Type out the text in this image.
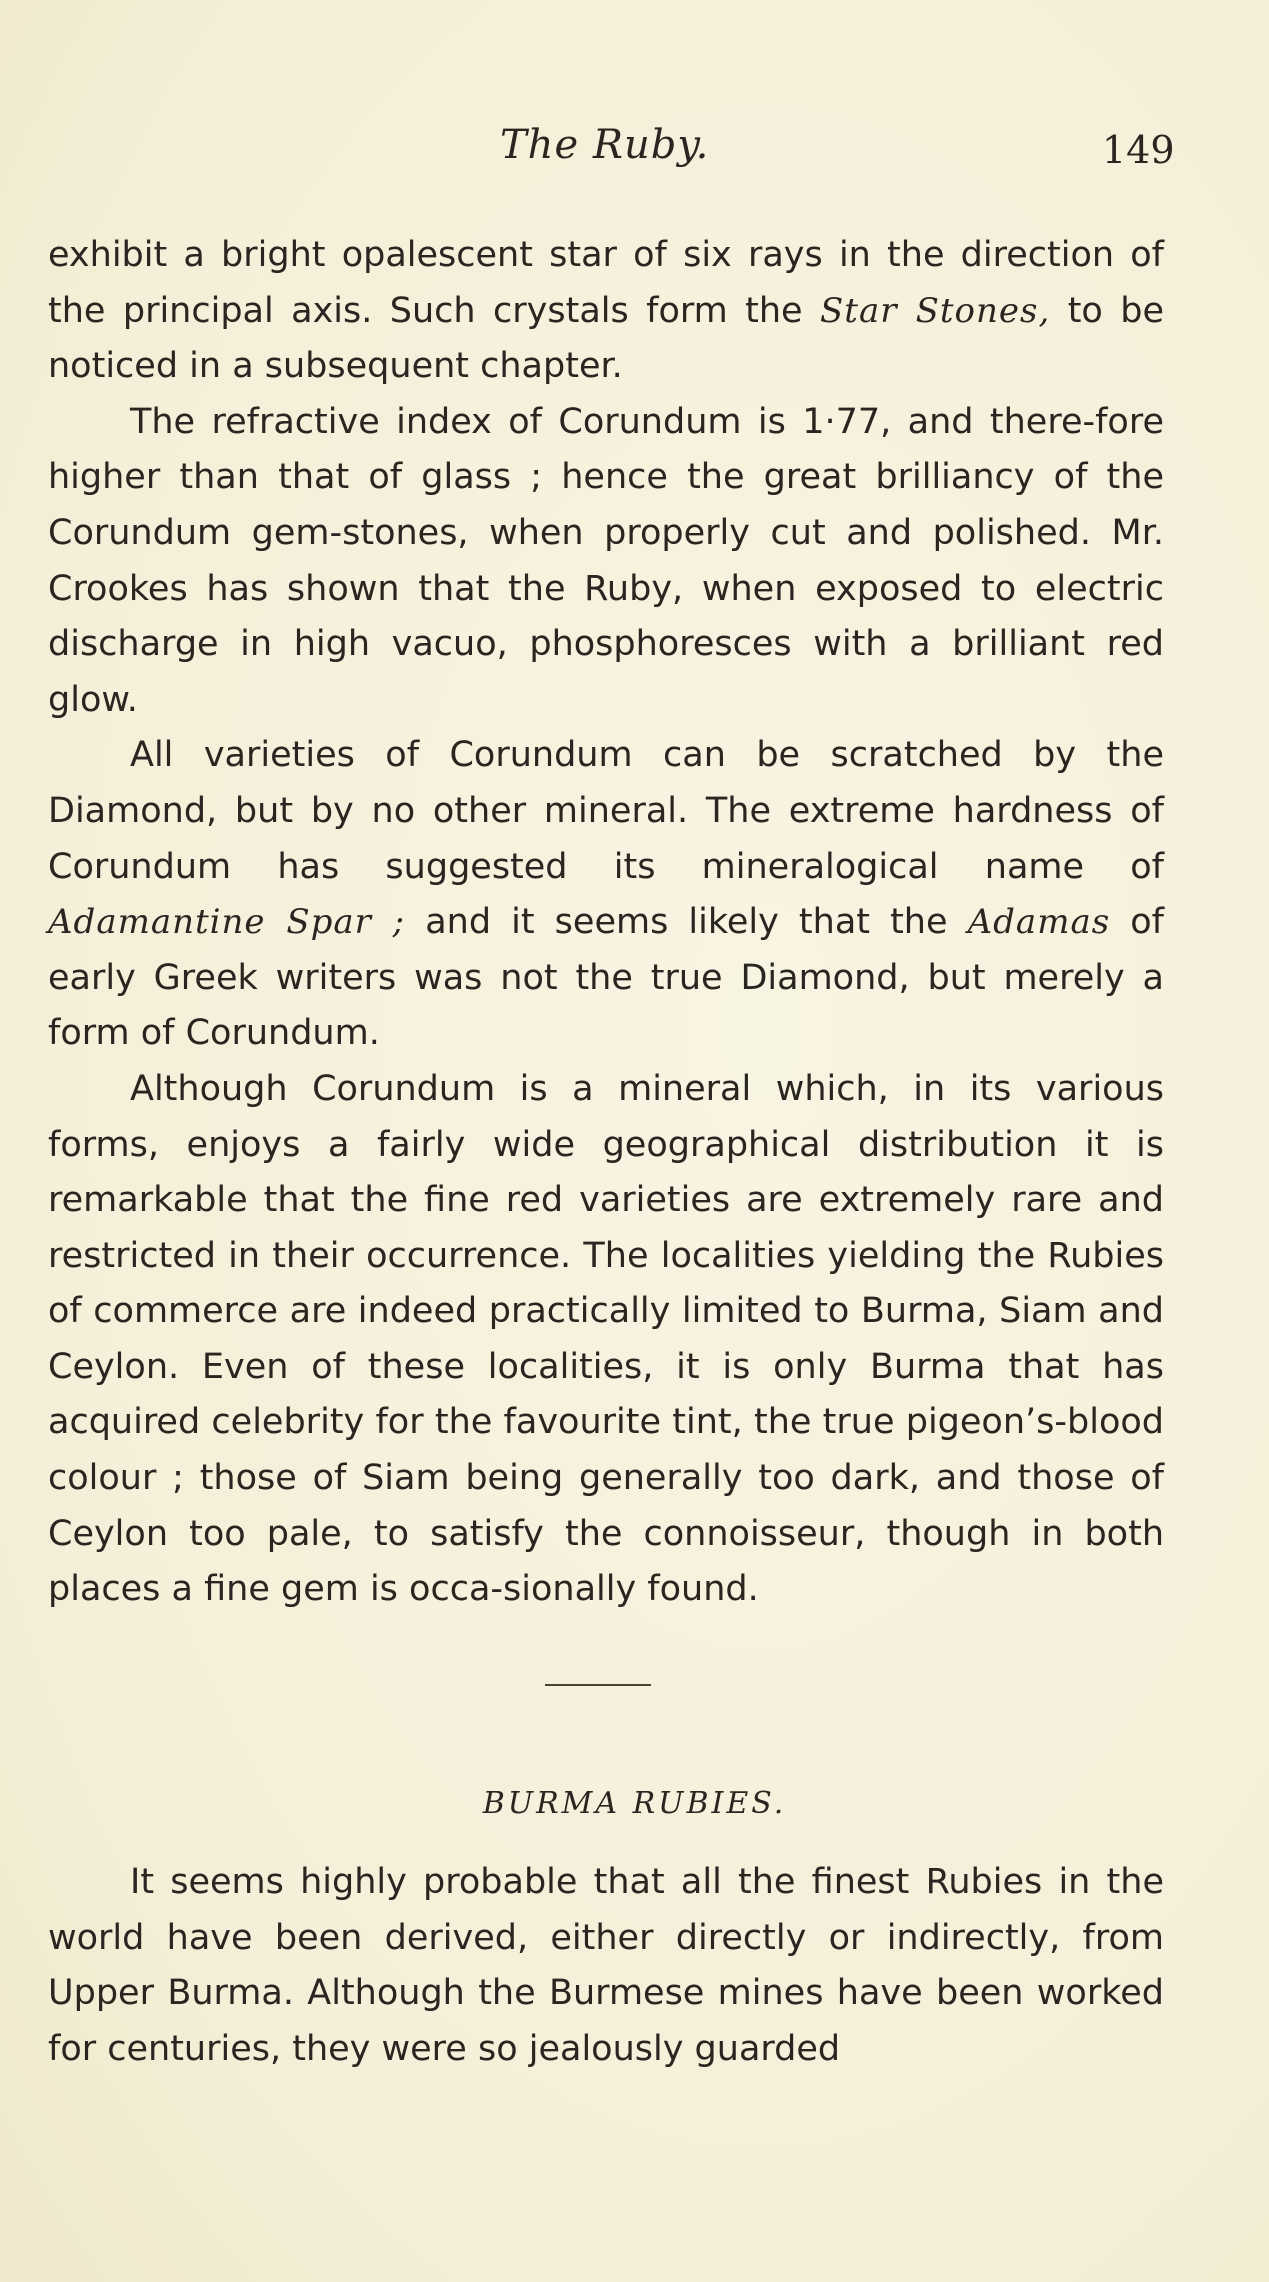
The Ruby.	149

exhibit a bright opalescent star of six rays in the direction of the principal axis. Such crystals form the Star Stones, to be noticed in a subsequent chapter.

The refractive index of Corundum is 1·77, and there-fore higher than that of glass ; hence the great brilliancy of the Corundum gem-stones, when properly cut and polished. Mr. Crookes has shown that the Ruby, when exposed to electric discharge in high vacuo, phosphoresces with a brilliant red glow.

All varieties of Corundum can be scratched by the Diamond, but by no other mineral. The extreme hardness of Corundum has suggested its mineralogical name of Adamantine Spar ; and it seems likely that the Adamas of early Greek writers was not the true Diamond, but merely a form of Corundum.

Although Corundum is a mineral which, in its various forms, enjoys a fairly wide geographical distribution it is remarkable that the fine red varieties are extremely rare and restricted in their occurrence. The localities yielding the Rubies of commerce are indeed practically limited to Burma, Siam and Ceylon. Even of these localities, it is only Burma that has acquired celebrity for the favourite tint, the true pigeon’s-blood colour ; those of Siam being generally too dark, and those of Ceylon too pale, to satisfy the connoisseur, though in both places a fine gem is occa-sionally found.

BURMA RUBIES.

It seems highly probable that all the finest Rubies in the world have been derived, either directly or indirectly, from Upper Burma. Although the Burmese mines have been worked for centuries, they were so jealously guarded
